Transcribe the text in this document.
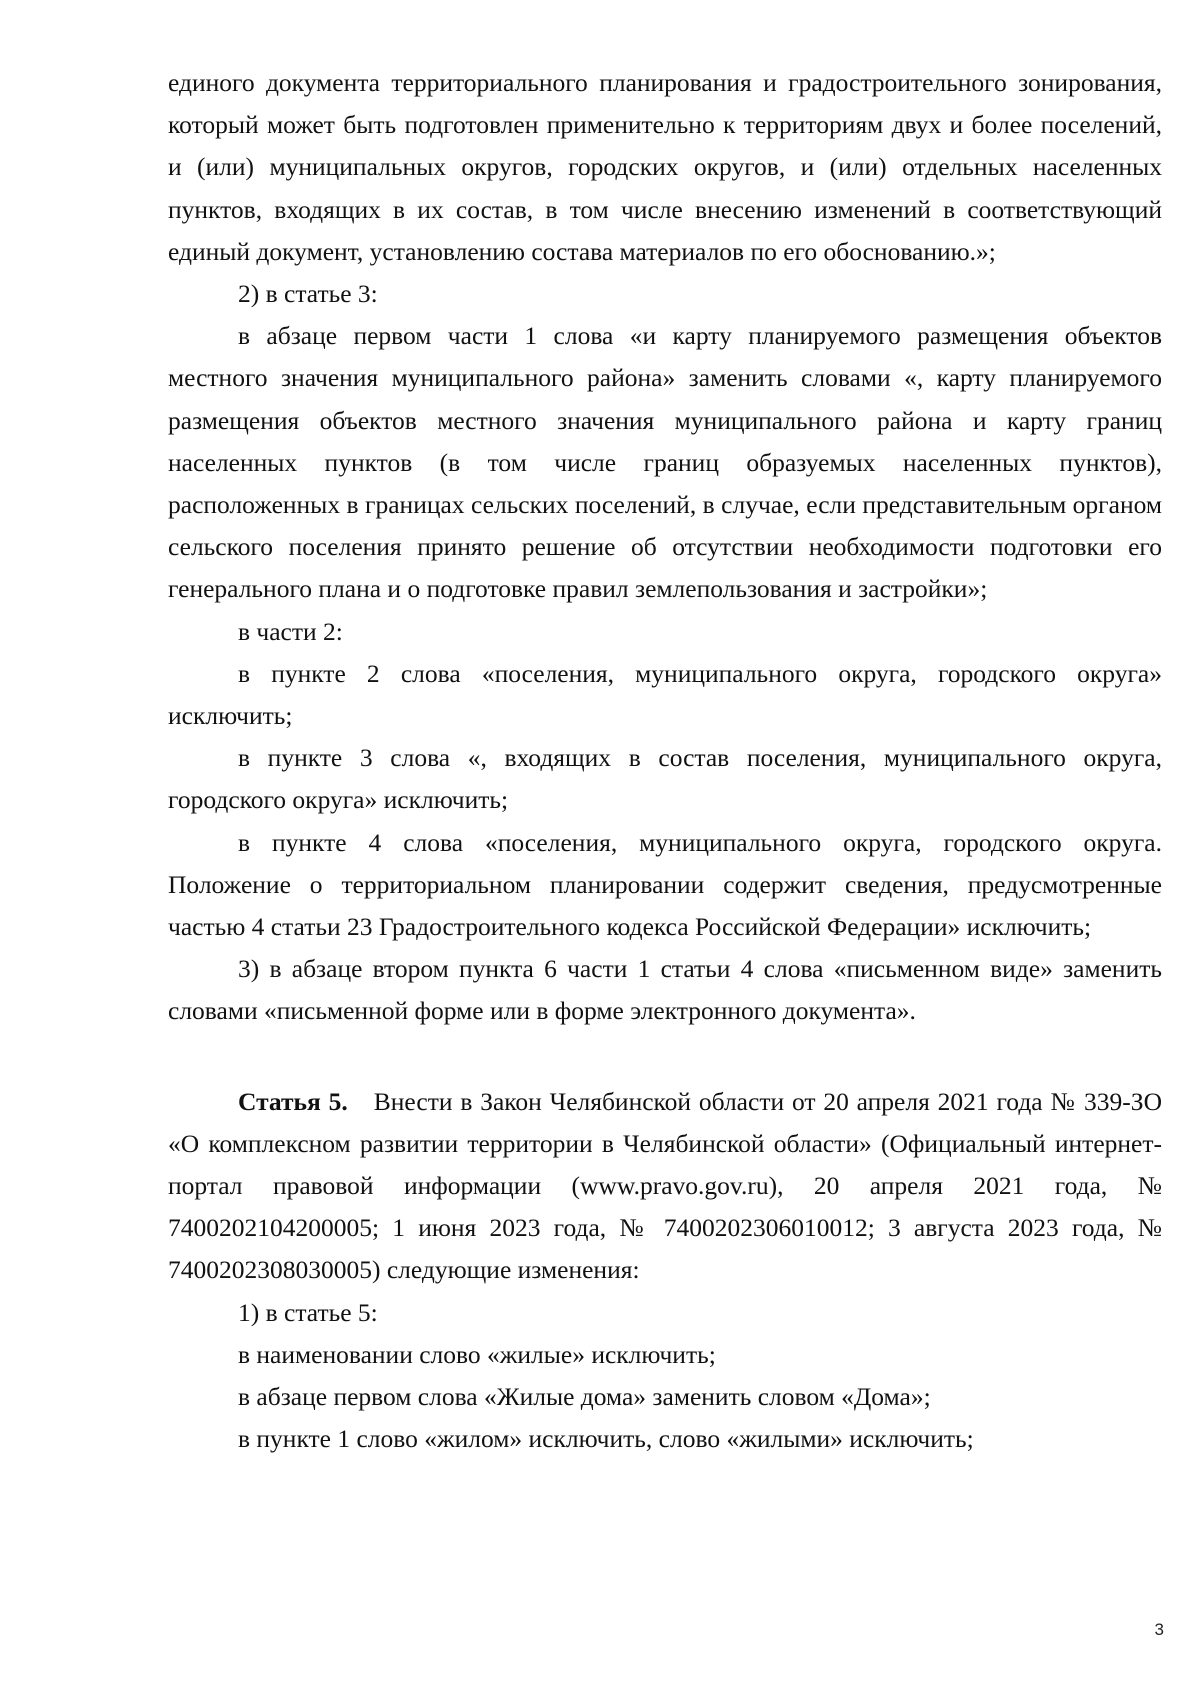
единого документа территориального планирования и градостроительного зонирования, который может быть подготовлен применительно к территориям двух и более поселений, и (или) муниципальных округов, городских округов, и (или) отдельных населенных пунктов, входящих в их состав, в том числе внесению изменений в соответствующий единый документ, установлению состава материалов по его обоснованию.»;

2) в статье 3:

в абзаце первом части 1 слова «и карту планируемого размещения объектов местного значения муниципального района» заменить словами «, карту планируемого размещения объектов местного значения муниципального района и карту границ населенных пунктов (в том числе границ образуемых населенных пунктов), расположенных в границах сельских поселений, в случае, если представительным органом сельского поселения принято решение об отсутствии необходимости подготовки его генерального плана и о подготовке правил землепользования и застройки»;

в части 2:

в пункте 2 слова «поселения, муниципального округа, городского округа» исключить;

в пункте 3 слова «, входящих в состав поселения, муниципального округа, городского округа» исключить;

в пункте 4 слова «поселения, муниципального округа, городского округа. Положение о территориальном планировании содержит сведения, предусмотренные частью 4 статьи 23 Градостроительного кодекса Российской Федерации» исключить;

3) в абзаце втором пункта 6 части 1 статьи 4 слова «письменном виде» заменить словами «письменной форме или в форме электронного документа».

Статья 5. Внести в Закон Челябинской области от 20 апреля 2021 года № 339-ЗО «О комплексном развитии территории в Челябинской области» (Официальный интернет-портал правовой информации (www.pravo.gov.ru), 20 апреля 2021 года, № 7400202104200005; 1 июня 2023 года, № 7400202306010012; 3 августа 2023 года, № 7400202308030005) следующие изменения:

1) в статье 5:

в наименовании слово «жилые» исключить;

в абзаце первом слова «Жилые дома» заменить словом «Дома»;

в пункте 1 слово «жилом» исключить, слово «жилыми» исключить;

3
